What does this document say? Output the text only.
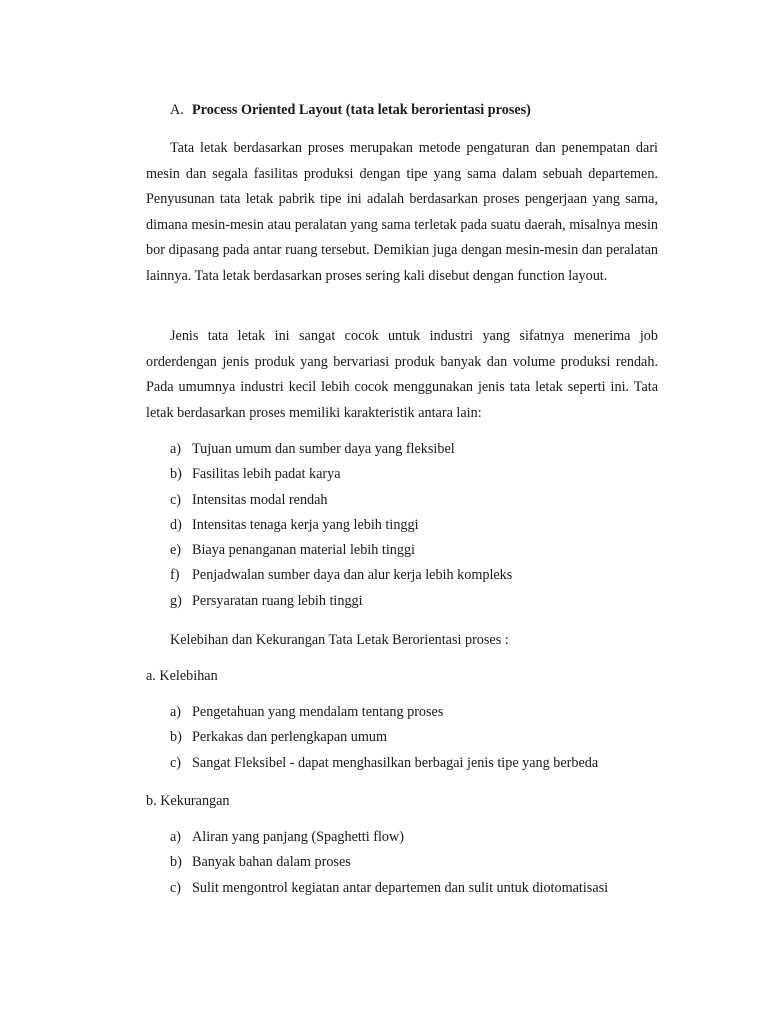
A. Process Oriented Layout (tata letak berorientasi proses)

Tata letak berdasarkan proses merupakan metode pengaturan dan penempatan dari mesin dan segala fasilitas produksi dengan tipe yang sama dalam sebuah departemen. Penyusunan tata letak pabrik tipe ini adalah berdasarkan proses pengerjaan yang sama, dimana mesin-mesin atau peralatan yang sama terletak pada suatu daerah, misalnya mesin bor dipasang pada antar ruang tersebut. Demikian juga dengan mesin-mesin dan peralatan lainnya. Tata letak berdasarkan proses sering kali disebut dengan function layout.

Jenis tata letak ini sangat cocok untuk industri yang sifatnya menerima job orderdengan jenis produk yang bervariasi produk banyak dan volume produksi rendah. Pada umumnya industri kecil lebih cocok menggunakan jenis tata letak seperti ini. Tata letak berdasarkan proses memiliki karakteristik antara lain:

a) Tujuan umum dan sumber daya yang fleksibel
b) Fasilitas lebih padat karya
c) Intensitas modal rendah
d) Intensitas tenaga kerja yang lebih tinggi
e) Biaya penanganan material lebih tinggi
f) Penjadwalan sumber daya dan alur kerja lebih kompleks
g) Persyaratan ruang lebih tinggi
Kelebihan dan Kekurangan Tata Letak Berorientasi proses :
a. Kelebihan
a) Pengetahuan yang mendalam tentang proses
b) Perkakas dan perlengkapan umum
c) Sangat Fleksibel - dapat menghasilkan berbagai jenis tipe yang berbeda
b. Kekurangan
a) Aliran yang panjang (Spaghetti flow)
b) Banyak bahan dalam proses
c) Sulit mengontrol kegiatan antar departemen dan sulit untuk diotomatisasi
